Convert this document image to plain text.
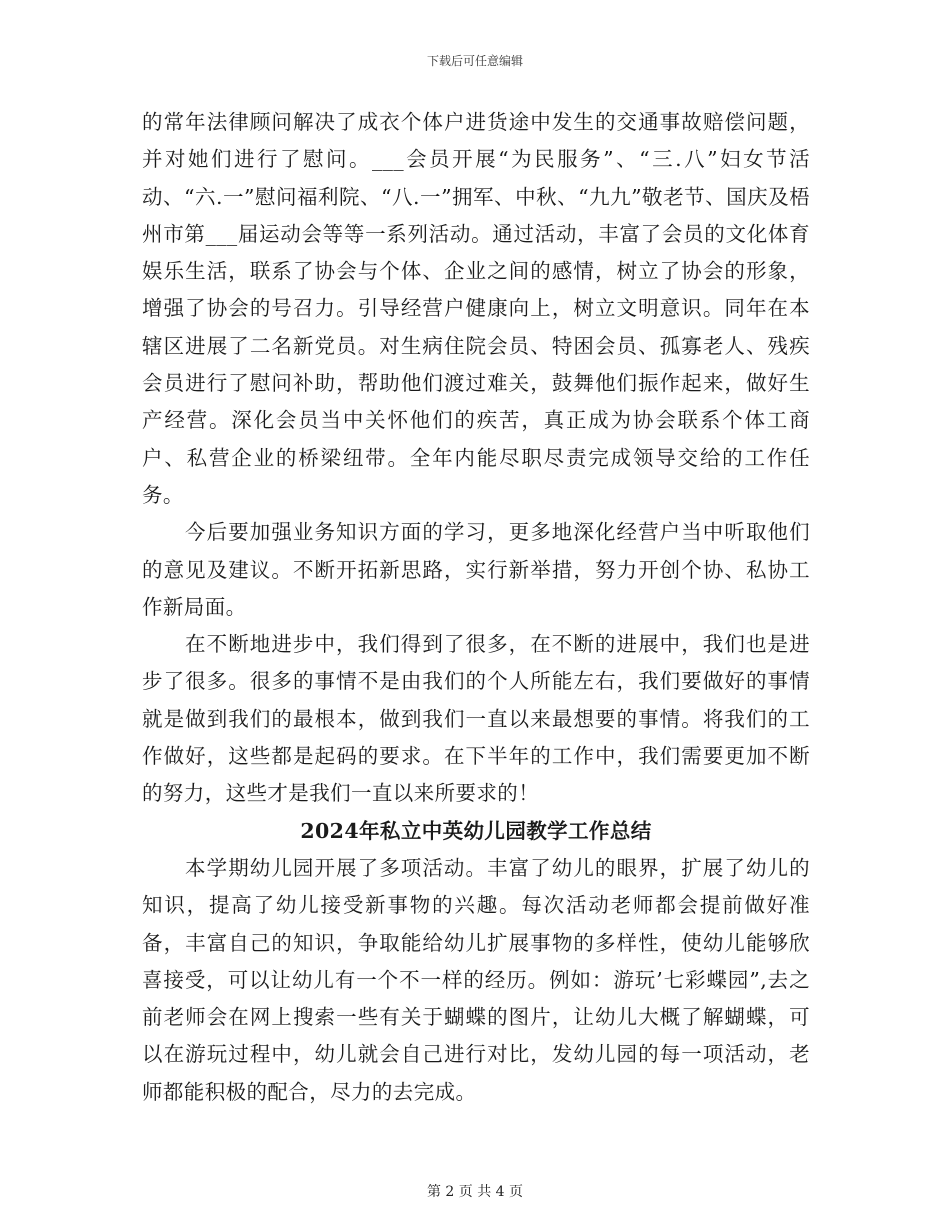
下载后可任意编辑

的常年法律顾问解决了成衣个体户进货途中发生的交通事故赔偿问题，并对她们进行了慰问。___会员开展“为民服务”、“三.八”妇女节活动、“六.一”慰问福利院、“八.一”拥军、中秋、“九九”敬老节、国庆及梧州市第___届运动会等等一系列活动。通过活动，丰富了会员的文化体育娱乐生活，联系了协会与个体、企业之间的感情，树立了协会的形象，增强了协会的号召力。引导经营户健康向上，树立文明意识。同年在本辖区进展了二名新党员。对生病住院会员、特困会员、孤寡老人、残疾会员进行了慰问补助，帮助他们渡过难关，鼓舞他们振作起来，做好生产经营。深化会员当中关怀他们的疾苦，真正成为协会联系个体工商户、私营企业的桥梁纽带。全年内能尽职尽责完成领导交给的工作任务。

今后要加强业务知识方面的学习，更多地深化经营户当中听取他们的意见及建议。不断开拓新思路，实行新举措，努力开创个协、私协工作新局面。

在不断地进步中，我们得到了很多，在不断的进展中，我们也是进步了很多。很多的事情不是由我们的个人所能左右，我们要做好的事情就是做到我们的最根本，做到我们一直以来最想要的事情。将我们的工作做好，这些都是起码的要求。在下半年的工作中，我们需要更加不断的努力，这些才是我们一直以来所要求的！

2024年私立中英幼儿园教学工作总结

本学期幼儿园开展了多项活动。丰富了幼儿的眼界，扩展了幼儿的知识，提高了幼儿接受新事物的兴趣。每次活动老师都会提前做好准备，丰富自己的知识，争取能给幼儿扩展事物的多样性，使幼儿能够欣喜接受，可以让幼儿有一个不一样的经历。例如：游玩’七彩蝶园”,去之前老师会在网上搜索一些有关于蝴蝶的图片，让幼儿大概了解蝴蝶，可以在游玩过程中，幼儿就会自己进行对比，发幼儿园的每一项活动，老师都能积极的配合，尽力的去完成。

第 2 页 共 4 页
